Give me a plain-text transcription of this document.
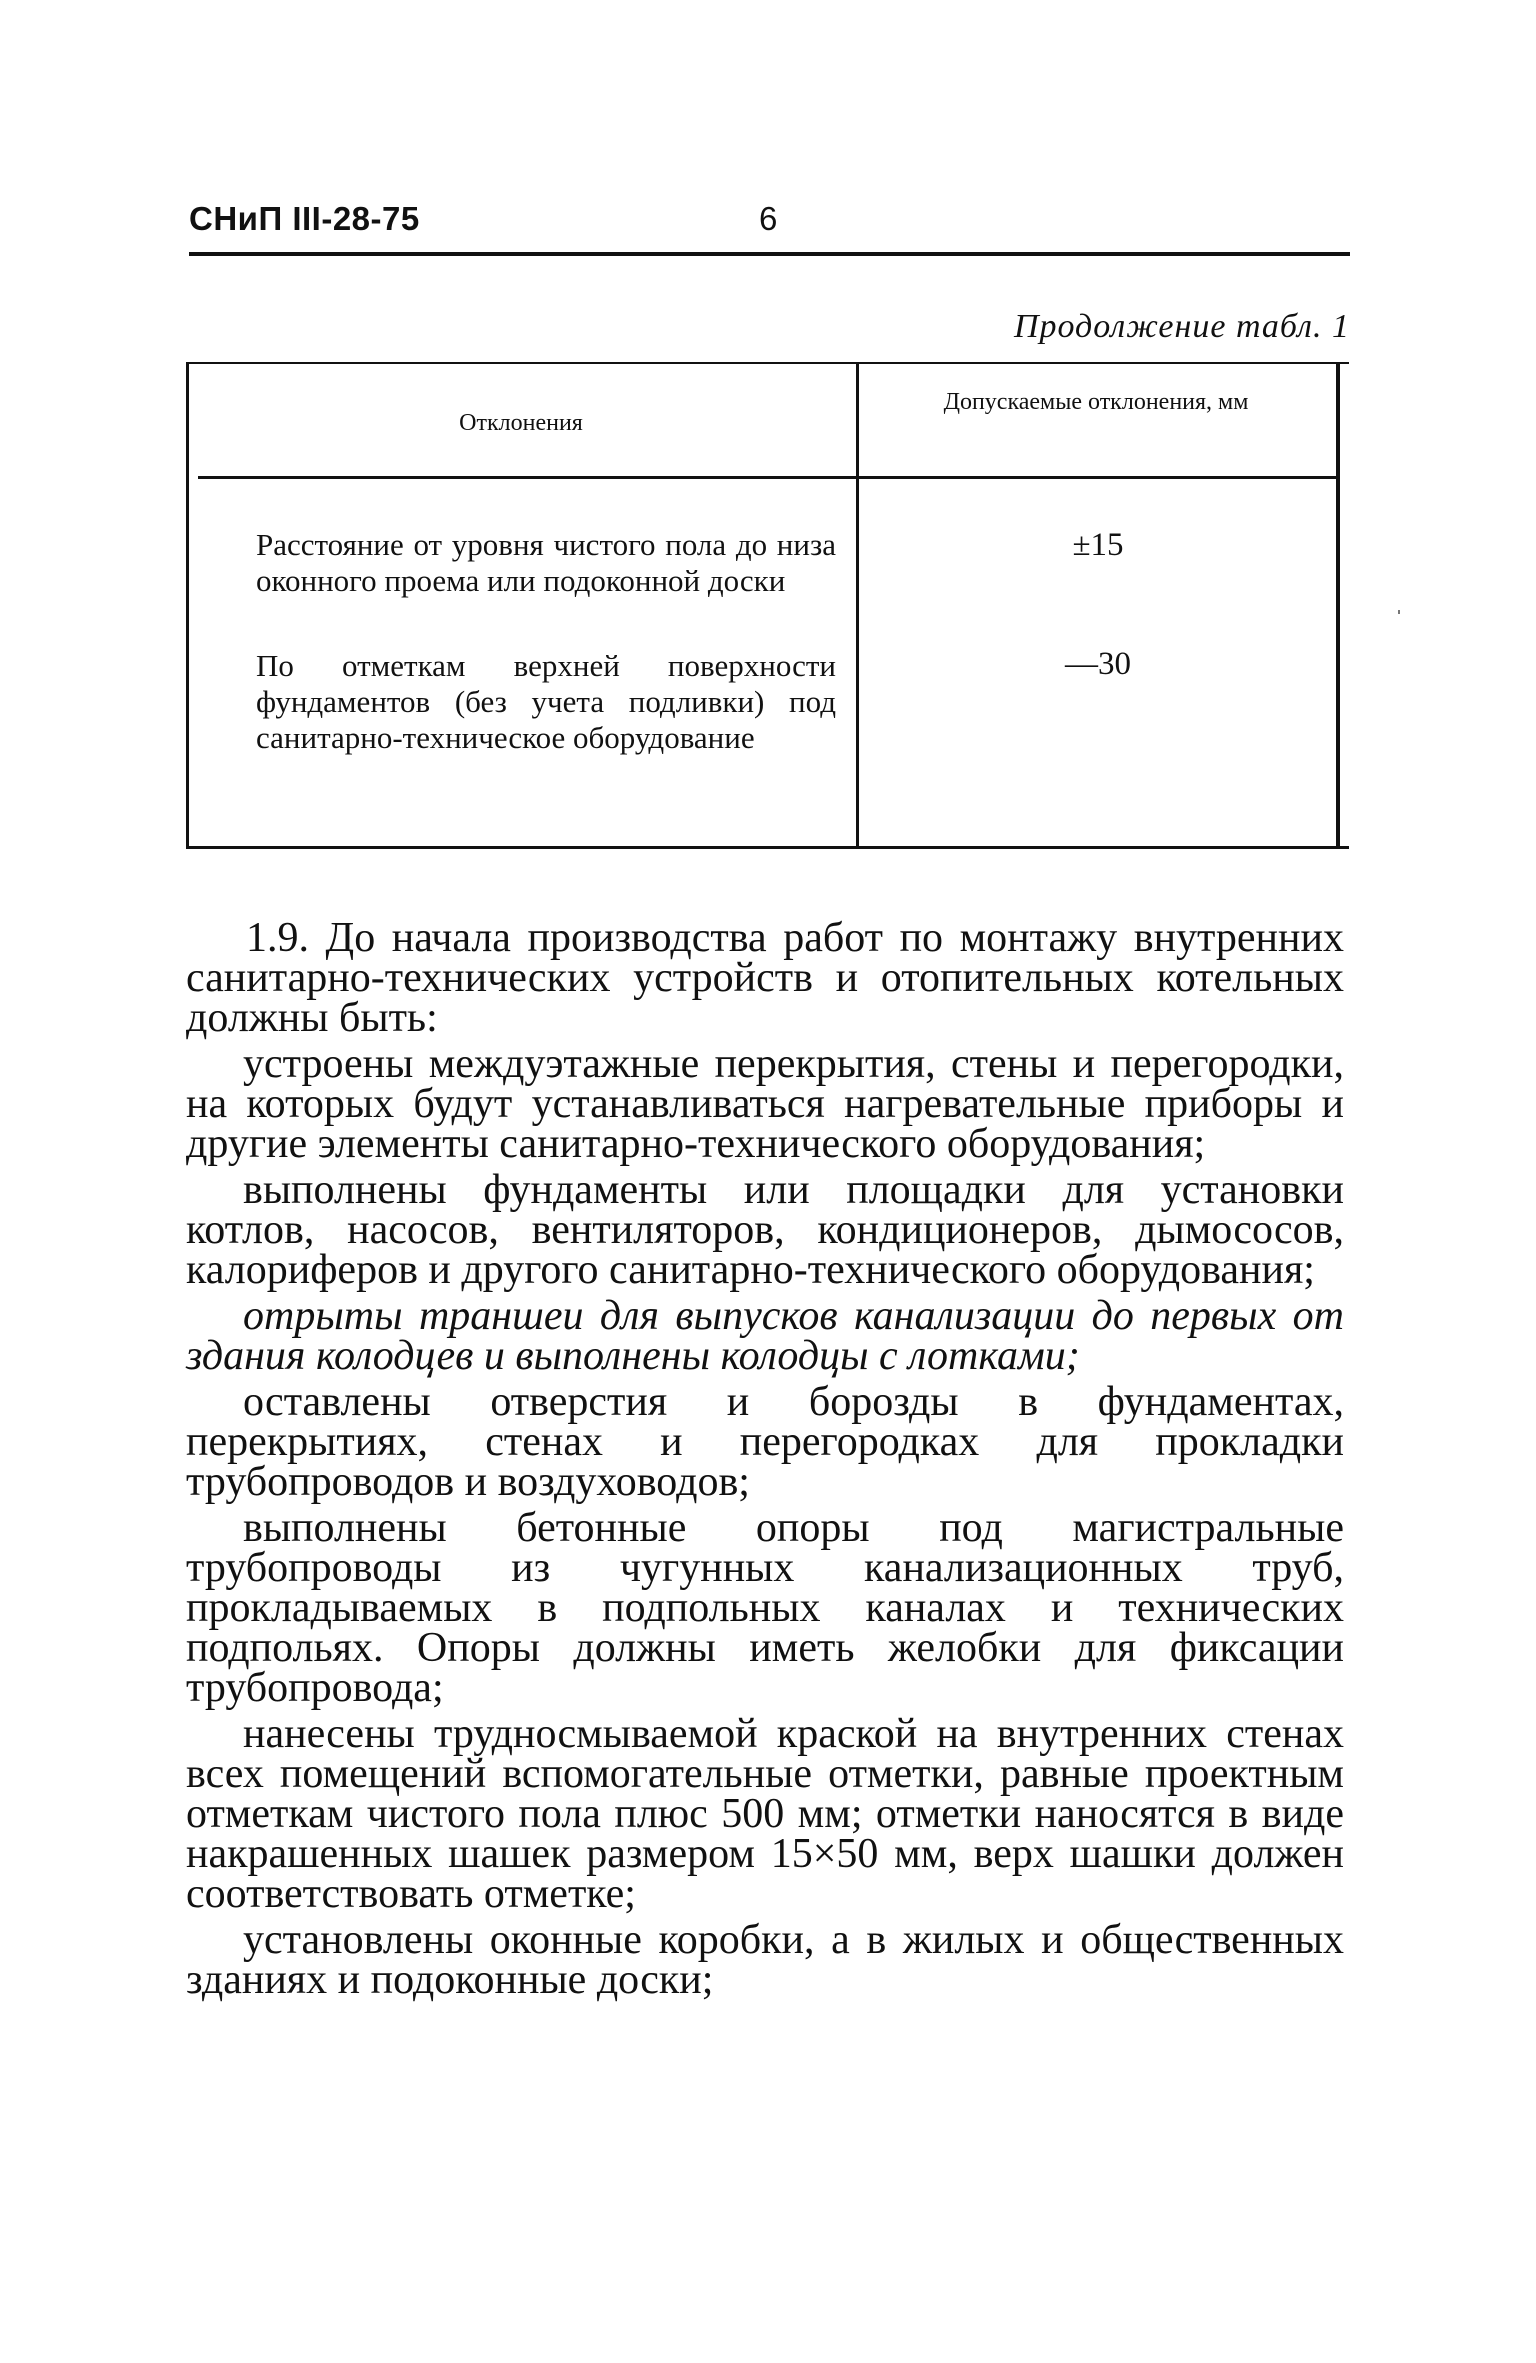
СНиП III-28-75	6
Продолжение табл. 1
Отклонения
Допускаемые отклонения, мм
Расстояние от уровня чистого пола до низа оконного проема или подоконной доски
±15
По отметкам верхней поверхности фундаментов (без учета подливки) под санитарно-техническое оборудование
—30

1.9. До начала производства работ по монтажу внутренних санитарно-технических устройств и отопительных котельных должны быть:

устроены междуэтажные перекрытия, стены и перегородки, на которых будут устанавливаться нагревательные приборы и другие элементы санитарно-технического оборудования;

выполнены фундаменты или площадки для установки котлов, насосов, вентиляторов, кондиционеров, дымососов, калориферов и другого санитарно-технического оборудования;

отрыты траншеи для выпусков канализации до первых от здания колодцев и выполнены колодцы с лотками;

оставлены отверстия и борозды в фундаментах, перекрытиях, стенах и перегородках для прокладки трубопроводов и воздуховодов;

выполнены бетонные опоры под магистральные трубопроводы из чугунных канализационных труб, прокладываемых в подпольных каналах и технических подпольях. Опоры должны иметь желобки для фиксации трубопровода;

нанесены трудносмываемой краской на внутренних стенах всех помещений вспомогательные отметки, равные проектным отметкам чистого пола плюс 500 мм; отметки наносятся в виде накрашенных шашек размером 15×50 мм, верх шашки должен соответствовать отметке;

установлены оконные коробки, а в жилых и общественных зданиях и подоконные доски;
